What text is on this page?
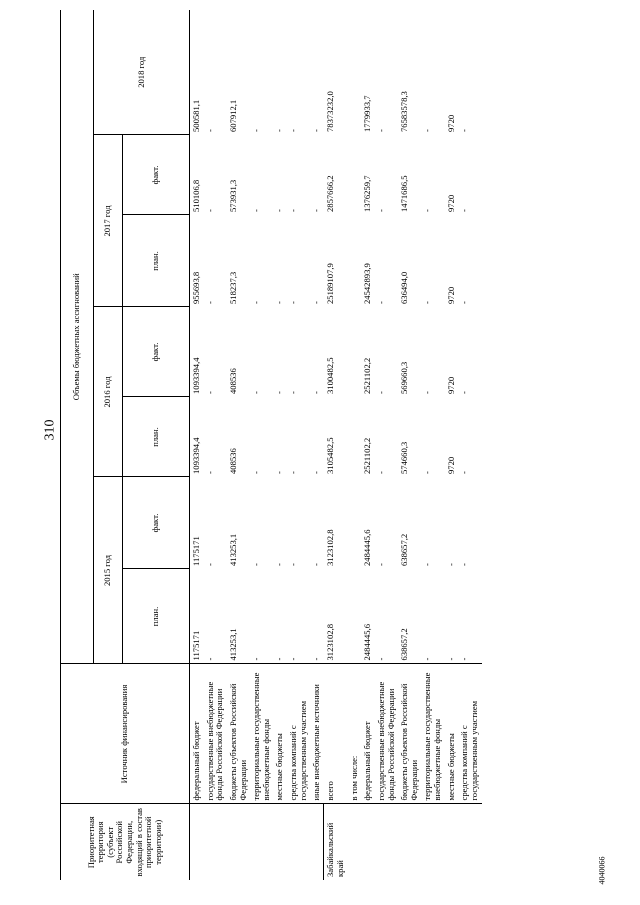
310
4040066
Приоритетная территория (субъект Российской Федерации, входящий в состав приоритетной территории)	Источник финансирования	Объемы бюджетных ассигнований						
		2015 год		2016 год		2017 год		2018 год
		план.	факт.	план.	факт.	план.	факт.	
	федеральный бюджет	1175171	1175171	1093394,4	1093394,4	955693,8	510106,8	500581,1
	государственные внебюджетные фонды Российской Федерации	-	-	-	-	-	-	-
	бюджеты субъектов Российской Федерации	413253,1	413253,1	408536	408536	518237,3	573931,3	607912,1
	территориальные государственные внебюджетные фонды	-	-	-	-	-	-	-
	местные бюджеты	-	-	-	-	-	-	-
	средства компаний с государственным участием	-	-	-	-	-	-	-
	иные внебюджетные источники	-	-	-	-	-	-	-
Забайкальский край	всего	3123102,8	3123102,8	3105482,5	3100482,5	25189107,9	2857666,2	78373232,0
	в том числе:							
	федеральный бюджет	2484445,6	2484445,6	2521102,2	2521102,2	24542893,9	1376259,7	1779933,7
	государственные внебюджетные фонды Российской Федерации	-	-	-	-	-	-	-
	бюджеты субъектов Российской Федерации	638657,2	638657,2	574660,3	569660,3	636494,0	1471686,5	76583578,3
	территориальные государственные внебюджетные фонды	-	-	-	-	-	-	-
	местные бюджеты	-	-	9720	9720	9720	9720	9720
	средства компаний с государственным участием	-	-	-	-	-	-	-
